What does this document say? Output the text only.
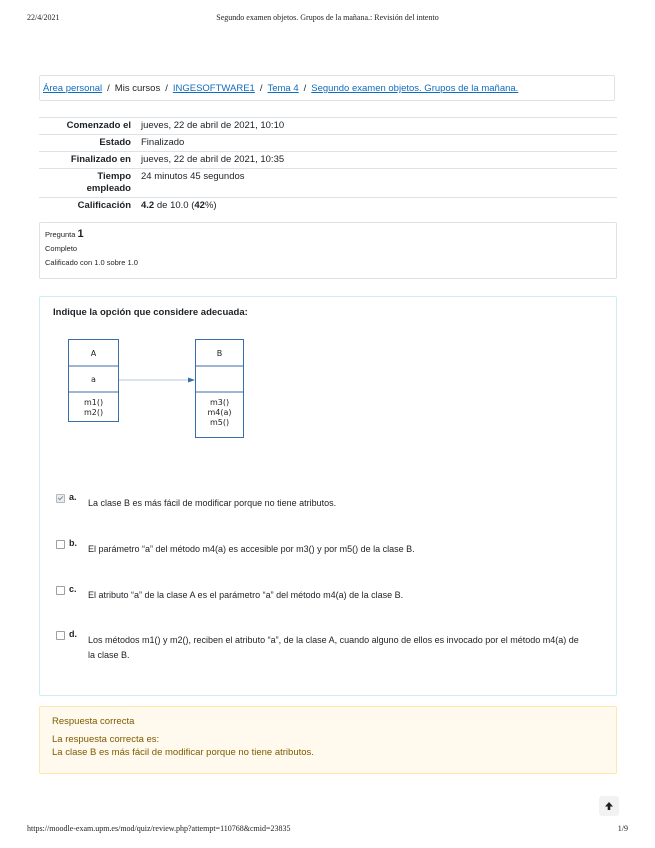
22/4/2021	Segundo examen objetos. Grupos de la mañana.: Revisión del intento
Área personal / Mis cursos / INGESOFTWARE1 / Tema 4 / Segundo examen objetos. Grupos de la mañana.
Comenzado el	jueves, 22 de abril de 2021, 10:10
Estado	Finalizado
Finalizado en	jueves, 22 de abril de 2021, 10:35
Tiempo
empleado	24 minutos 45 segundos
Calificación	4.2 de 10.0 (42%)
Pregunta 1
Completo
Calificado con 1.0 sobre 1.0
Indique la opción que considere adecuada:
A
a
m1()
m2()
B
m3()
m4(a)
m5()
a.
La clase B es más fácil de modificar porque no tiene atributos.
b.
El parámetro “a” del método m4(a) es accesible por m3() y por m5() de la clase B.
c.
El atributo “a” de la clase A es el parámetro “a” del método m4(a) de la clase B.
d.
Los métodos m1() y m2(), reciben el atributo “a”, de la clase A, cuando alguno de ellos es invocado por el método m4(a) de la clase B.
Respuesta correcta
La respuesta correcta es:
La clase B es más fácil de modificar porque no tiene atributos.
https://moodle-exam.upm.es/mod/quiz/review.php?attempt=110768&cmid=23835	1/9
